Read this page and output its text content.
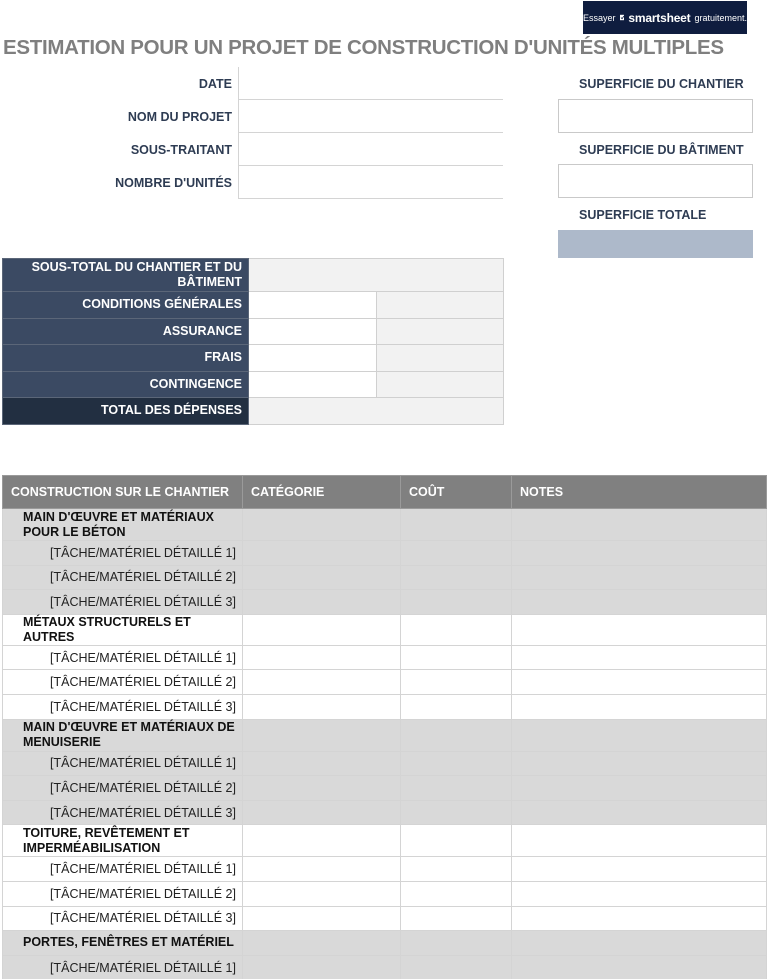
Essayer smartsheet gratuitement.
ESTIMATION POUR UN PROJET DE CONSTRUCTION D'UNITÉS MULTIPLES
DATE
NOM DU PROJET
SOUS-TRAITANT
NOMBRE D'UNITÉS
SUPERFICIE DU CHANTIER
SUPERFICIE DU BÂTIMENT
SUPERFICIE TOTALE
SOUS-TOTAL DU CHANTIER ET DU BÂTIMENT		
CONDITIONS GÉNÉRALES		
ASSURANCE		
FRAIS		
CONTINGENCE		
TOTAL DES DÉPENSES		
CONSTRUCTION SUR LE CHANTIER	CATÉGORIE	COÛT	NOTES
MAIN D'ŒUVRE ET MATÉRIAUX POUR LE BÉTON			
[TÂCHE/MATÉRIEL DÉTAILLÉ 1]			
[TÂCHE/MATÉRIEL DÉTAILLÉ 2]			
[TÂCHE/MATÉRIEL DÉTAILLÉ 3]			
MÉTAUX STRUCTURELS ET AUTRES			
[TÂCHE/MATÉRIEL DÉTAILLÉ 1]			
[TÂCHE/MATÉRIEL DÉTAILLÉ 2]			
[TÂCHE/MATÉRIEL DÉTAILLÉ 3]			
MAIN D'ŒUVRE ET MATÉRIAUX DE MENUISERIE			
[TÂCHE/MATÉRIEL DÉTAILLÉ 1]			
[TÂCHE/MATÉRIEL DÉTAILLÉ 2]			
[TÂCHE/MATÉRIEL DÉTAILLÉ 3]			
TOITURE, REVÊTEMENT ET IMPERMÉABILISATION			
[TÂCHE/MATÉRIEL DÉTAILLÉ 1]			
[TÂCHE/MATÉRIEL DÉTAILLÉ 2]			
[TÂCHE/MATÉRIEL DÉTAILLÉ 3]			
PORTES, FENÊTRES ET MATÉRIEL			
[TÂCHE/MATÉRIEL DÉTAILLÉ 1]			
